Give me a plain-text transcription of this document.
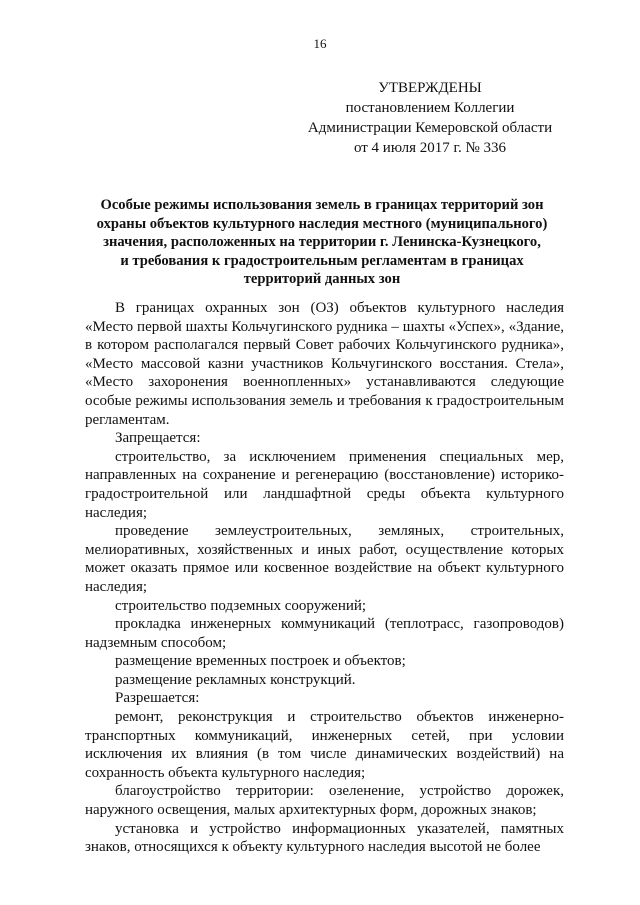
16
УТВЕРЖДЕНЫ
постановлением Коллегии
Администрации Кемеровской области
от 4 июля 2017 г. № 336
Особые режимы использования земель в границах территорий зон
охраны объектов культурного наследия местного (муниципального)
значения, расположенных на территории г. Ленинска-Кузнецкого,
и требования к градостроительным регламентам в границах
территорий данных зон

В границах охранных зон (ОЗ) объектов культурного наследия «Место первой шахты Кольчугинского рудника – шахты «Успех», «Здание, в котором располагался первый Совет рабочих Кольчугинского рудника», «Место массовой казни участников Кольчугинского восстания. Стела», «Место захоронения военнопленных» устанавливаются следующие особые режимы использования земель и требования к градостроительным регламентам.

Запрещается:

строительство, за исключением применения специальных мер, направленных на сохранение и регенерацию (восстановление) историко-градостроительной или ландшафтной среды объекта культурного наследия;

проведение землеустроительных, земляных, строительных, мелиоративных, хозяйственных и иных работ, осуществление которых может оказать прямое или косвенное воздействие на объект культурного наследия;

строительство подземных сооружений;

прокладка инженерных коммуникаций (теплотрасс, газопроводов) надземным способом;

размещение временных построек и объектов;

размещение рекламных конструкций.

Разрешается:

ремонт, реконструкция и строительство объектов инженерно-транспортных коммуникаций, инженерных сетей, при условии исключения их влияния (в том числе динамических воздействий) на сохранность объекта культурного наследия;

благоустройство территории: озеленение, устройство дорожек, наружного освещения, малых архитектурных форм, дорожных знаков;

установка и устройство информационных указателей, памятных знаков, относящихся к объекту культурного наследия высотой не более
